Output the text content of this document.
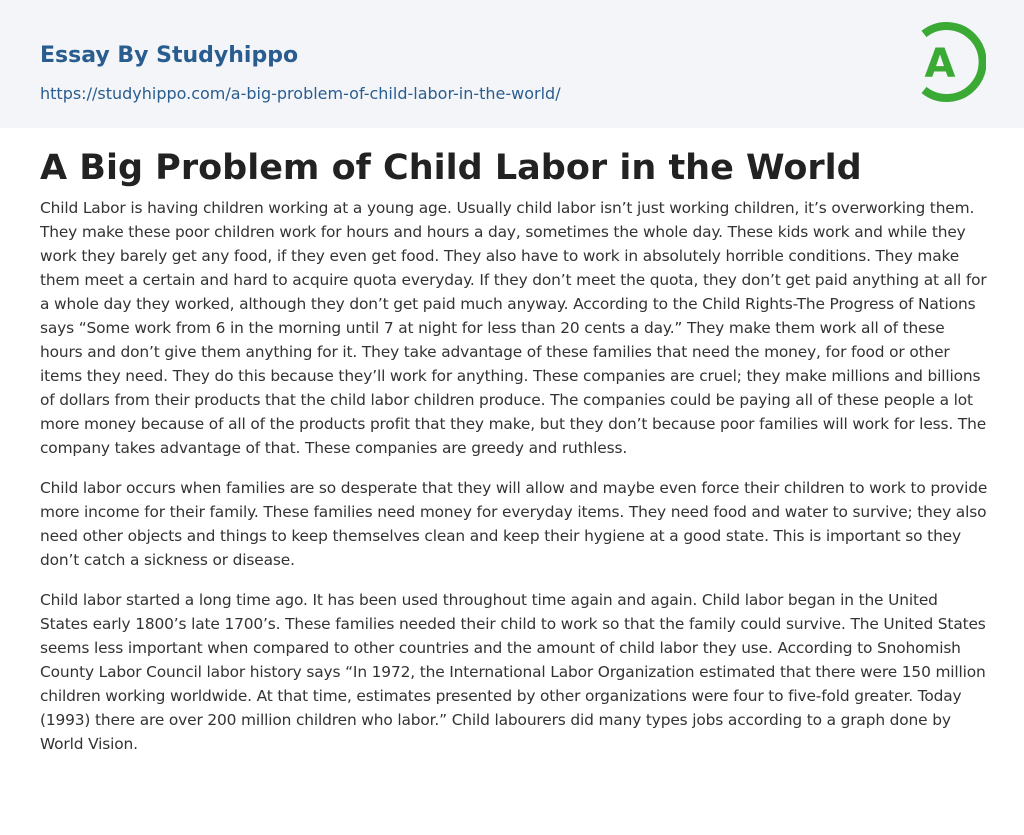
Essay By Studyhippo
https://studyhippo.com/a-big-problem-of-child-labor-in-the-world/
A
A Big Problem of Child Labor in the World

Child Labor is having children working at a young age. Usually child labor isn’t just working children, it’s overworking them. They make these poor children work for hours and hours a day, sometimes the whole day. These kids work and while they work they barely get any food, if they even get food. They also have to work in absolutely horrible conditions. They make them meet a certain and hard to acquire quota everyday. If they don’t meet the quota, they don’t get paid anything at all for a whole day they worked, although they don’t get paid much anyway. According to the Child Rights-The Progress of Nations says “Some work from 6 in the morning until 7 at night for less than 20 cents a day.” They make them work all of these hours and don’t give them anything for it. They take advantage of these families that need the money, for food or other items they need. They do this because they’ll work for anything. These companies are cruel; they make millions and billions of dollars from their products that the child labor children produce. The companies could be paying all of these people a lot more money because of all of the products profit that they make, but they don’t because poor families will work for less. The company takes advantage of that. These companies are greedy and ruthless.

Child labor occurs when families are so desperate that they will allow and maybe even force their children to work to provide more income for their family. These families need money for everyday items. They need food and water to survive; they also need other objects and things to keep themselves clean and keep their hygiene at a good state. This is important so they don’t catch a sickness or disease.

Child labor started a long time ago. It has been used throughout time again and again. Child labor began in the United States early 1800’s late 1700’s. These families needed their child to work so that the family could survive. The United States seems less important when compared to other countries and the amount of child labor they use. According to Snohomish County Labor Council labor history says “In 1972, the International Labor Organization estimated that there were 150 million children working worldwide. At that time, estimates presented by other organizations were four to five-fold greater. Today (1993) there are over 200 million children who labor.” Child labourers did many types jobs according to a graph done by World Vision.
